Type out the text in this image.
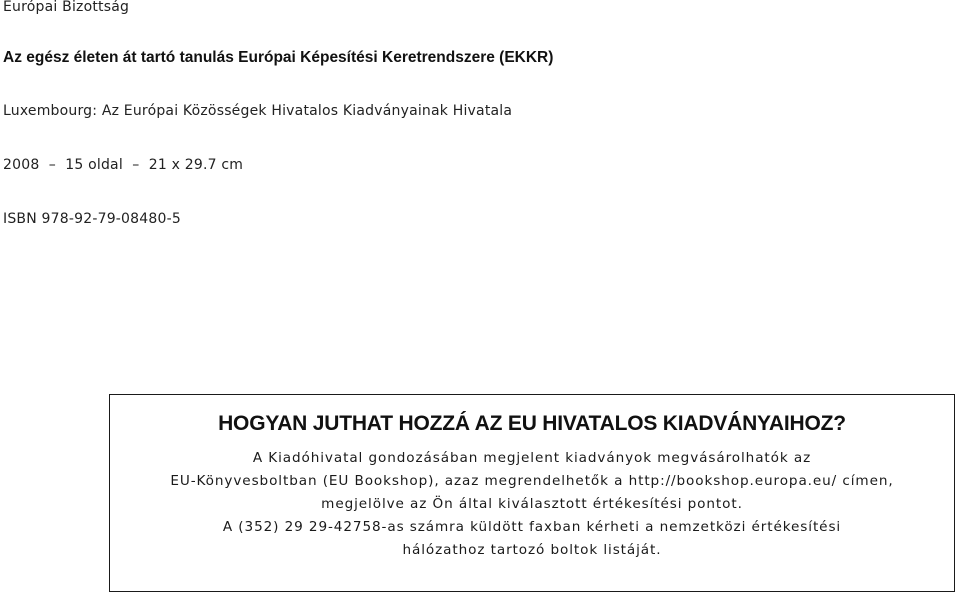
Európai Bizottság
Az egész életen át tartó tanulás Európai Képesítési Keretrendszere (EKKR)
Luxembourg: Az Európai Közösségek Hivatalos Kiadványainak Hivatala
2008  –  15 oldal  –  21 x 29.7 cm
ISBN 978-92-79-08480-5
HOGYAN JUTHAT HOZZÁ AZ EU HIVATALOS KIADVÁNYAIHOZ?
A Kiadóhivatal gondozásában megjelent kiadványok megvásárolhatók az
EU-Könyvesboltban (EU Bookshop), azaz megrendelhetők a http://bookshop.europa.eu/ címen,
megjelölve az Ön által kiválasztott értékesítési pontot.
A (352) 29 29-42758-as számra küldött faxban kérheti a nemzetközi értékesítési
hálózathoz tartozó boltok listáját.
